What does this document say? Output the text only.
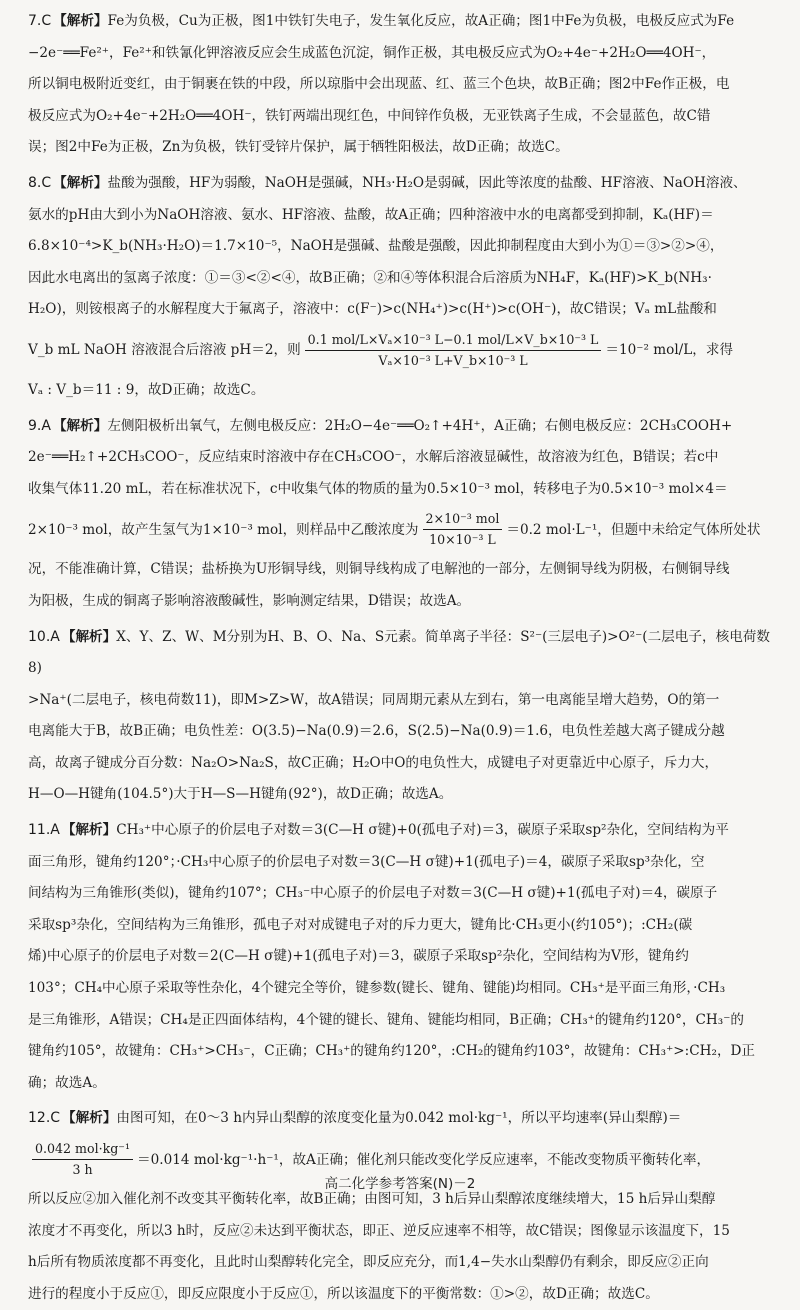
7.C 【解析】Fe为负极，Cu为正极，图1中铁钉失电子，发生氧化反应，故A正确；图1中Fe为负极，电极反应式为Fe

−2e⁻══Fe²⁺，Fe²⁺和铁氰化钾溶液反应会生成蓝色沉淀，铜作正极，其电极反应式为O₂+4e⁻+2H₂O══4OH⁻，

所以铜电极附近变红，由于铜裹在铁的中段，所以琼脂中会出现蓝、红、蓝三个色块，故B正确；图2中Fe作正极，电

极反应式为O₂+4e⁻+2H₂O══4OH⁻，铁钉两端出现红色，中间锌作负极，无亚铁离子生成，不会显蓝色，故C错

误；图2中Fe为正极，Zn为负极，铁钉受锌片保护，属于牺牲阳极法，故D正确；故选C。

8.C 【解析】盐酸为强酸，HF为弱酸，NaOH是强碱，NH₃·H₂O是弱碱，因此等浓度的盐酸、HF溶液、NaOH溶液、

氨水的pH由大到小为NaOH溶液、氨水、HF溶液、盐酸，故A正确；四种溶液中水的电离都受到抑制，Kₐ(HF)＝

6.8×10⁻⁴>K_b(NH₃·H₂O)＝1.7×10⁻⁵，NaOH是强碱、盐酸是强酸，因此抑制程度由大到小为①＝③>②>④，

因此水电离出的氢离子浓度：①＝③<②<④，故B正确；②和④等体积混合后溶质为NH₄F，Kₐ(HF)>K_b(NH₃·

H₂O)，则铵根离子的水解程度大于氟离子，溶液中：c(F⁻)>c(NH₄⁺)>c(H⁺)>c(OH⁻)，故C错误；Vₐ mL盐酸和

V_b mL NaOH 溶液混合后溶液 pH＝2，则 $\frac{\text{0.1 mol/L×Vₐ×10⁻³ L−0.1 mol/L×V\_b×10⁻³ L}}{\text{Vₐ×10⁻³ L+V\_b×10⁻³ L}} =10^{-2}$ mol/L，求得

Vₐ : V_b＝11 : 9，故D正确；故选C。

9.A 【解析】左侧阳极析出氧气，左侧电极反应：2H₂O−4e⁻══O₂↑+4H⁺，A正确；右侧电极反应：2CH₃COOH+

2e⁻══H₂↑+2CH₃COO⁻，反应结束时溶液中存在CH₃COO⁻，水解后溶液显碱性，故溶液为红色，B错误；若c中

收集气体11.20 mL，若在标准状况下，c中收集气体的物质的量为0.5×10⁻³ mol，转移电子为0.5×10⁻³ mol×4＝

2×10⁻³ mol，故产生氢气为1×10⁻³ mol，则样品中乙酸浓度为 $\frac{\text{2×10⁻³ mol}}{\text{10×10⁻³ L}} =0.2$ mol·L⁻¹，但题中未给定气体所处状

况，不能准确计算，C错误；盐桥换为U形铜导线，则铜导线构成了电解池的一部分，左侧铜导线为阴极，右侧铜导线

为阳极，生成的铜离子影响溶液酸碱性，影响测定结果，D错误；故选A。

10.A 【解析】X、Y、Z、W、M分别为H、B、O、Na、S元素。简单离子半径：S²⁻(三层电子)>O²⁻(二层电子，核电荷数8)

>Na⁺(二层电子，核电荷数11)，即M>Z>W，故A错误；同周期元素从左到右，第一电离能呈增大趋势，O的第一

电离能大于B，故B正确；电负性差：O(3.5)−Na(0.9)＝2.6，S(2.5)−Na(0.9)＝1.6，电负性差越大离子键成分越

高，故离子键成分百分数：Na₂O>Na₂S，故C正确；H₂O中O的电负性大，成键电子对更靠近中心原子，斥力大，

H—O—H键角(104.5°)大于H—S—H键角(92°)，故D正确；故选A。

11.A 【解析】CH₃⁺中心原子的价层电子对数＝3(C—H σ键)+0(孤电子对)＝3，碳原子采取sp²杂化，空间结构为平

面三角形，键角约120°；·CH₃中心原子的价层电子对数＝3(C—H σ键)+1(孤电子)＝4，碳原子采取sp³杂化，空

间结构为三角锥形(类似)，键角约107°；CH₃⁻中心原子的价层电子对数＝3(C—H σ键)+1(孤电子对)＝4，碳原子

采取sp³杂化，空间结构为三角锥形，孤电子对对成键电子对的斥力更大，键角比·CH₃更小(约105°)；:CH₂(碳

烯)中心原子的价层电子对数＝2(C—H σ键)+1(孤电子对)＝3，碳原子采取sp²杂化，空间结构为V形，键角约

103°；CH₄中心原子采取等性杂化，4个键完全等价，键参数(键长、键角、键能)均相同。CH₃⁺是平面三角形，·CH₃

是三角锥形，A错误；CH₄是正四面体结构，4个键的键长、键角、键能均相同，B正确；CH₃⁺的键角约120°，CH₃⁻的

键角约105°，故键角：CH₃⁺>CH₃⁻，C正确；CH₃⁺的键角约120°，:CH₂的键角约103°，故键角：CH₃⁺>:CH₂，D正

确；故选A。

12.C 【解析】由图可知，在0～3 h内异山梨醇的浓度变化量为0.042 mol·kg⁻¹，所以平均速率(异山梨醇)＝

$\frac{\text{0.042 mol·kg⁻¹}}{3 h} =0.014$ mol·kg⁻¹·h⁻¹，故A正确；催化剂只能改变化学反应速率，不能改变物质平衡转化率，

所以反应②加入催化剂不改变其平衡转化率，故B正确；由图可知，3 h后异山梨醇浓度继续增大，15 h后异山梨醇

浓度才不再变化，所以3 h时，反应②未达到平衡状态，即正、逆反应速率不相等，故C错误；图像显示该温度下，15

h后所有物质浓度都不再变化，且此时山梨醇转化完全，即反应充分，而1,4−失水山梨醇仍有剩余，即反应②正向

进行的程度小于反应①，即反应限度小于反应①，所以该温度下的平衡常数：①>②，故D正确；故选C。

高二化学参考答案(N)－2
